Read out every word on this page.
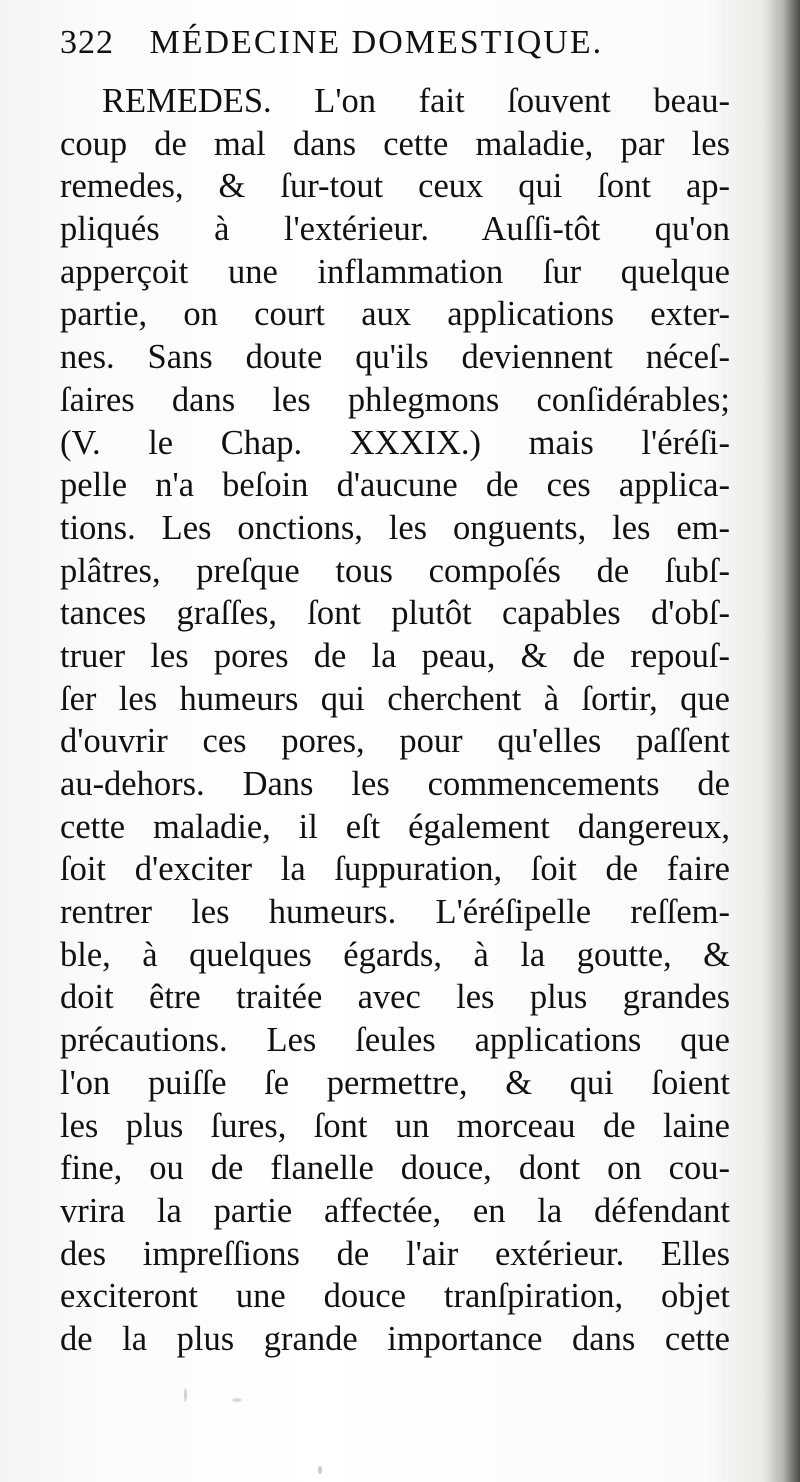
322 MÉDECINE DOMESTIQUE.
REMEDES. L'on fait ſouvent beau-
coup de mal dans cette maladie, par les
remedes, & ſur-tout ceux qui ſont ap-
pliqués à l'extérieur. Auſſi-tôt qu'on
apperçoit une inflammation ſur quelque
partie, on court aux applications exter-
nes. Sans doute qu'ils deviennent néceſ-
ſaires dans les phlegmons conſidérables;
(V. le Chap. XXXIX.) mais l'éréſi-
pelle n'a beſoin d'aucune de ces applica-
tions. Les onctions, les onguents, les em-
plâtres, preſque tous compoſés de ſubſ-
tances graſſes, ſont plutôt capables d'obſ-
truer les pores de la peau, & de repouſ-
ſer les humeurs qui cherchent à ſortir, que
d'ouvrir ces pores, pour qu'elles paſſent
au-dehors. Dans les commencements de
cette maladie, il eſt également dangereux,
ſoit d'exciter la ſuppuration, ſoit de faire
rentrer les humeurs. L'éréſipelle reſſem-
ble, à quelques égards, à la goutte, &
doit être traitée avec les plus grandes
précautions. Les ſeules applications que
l'on puiſſe ſe permettre, & qui ſoient
les plus ſures, ſont un morceau de laine
fine, ou de flanelle douce, dont on cou-
vrira la partie affectée, en la défendant
des impreſſions de l'air extérieur. Elles
exciteront une douce tranſpiration, objet
de la plus grande importance dans cette
